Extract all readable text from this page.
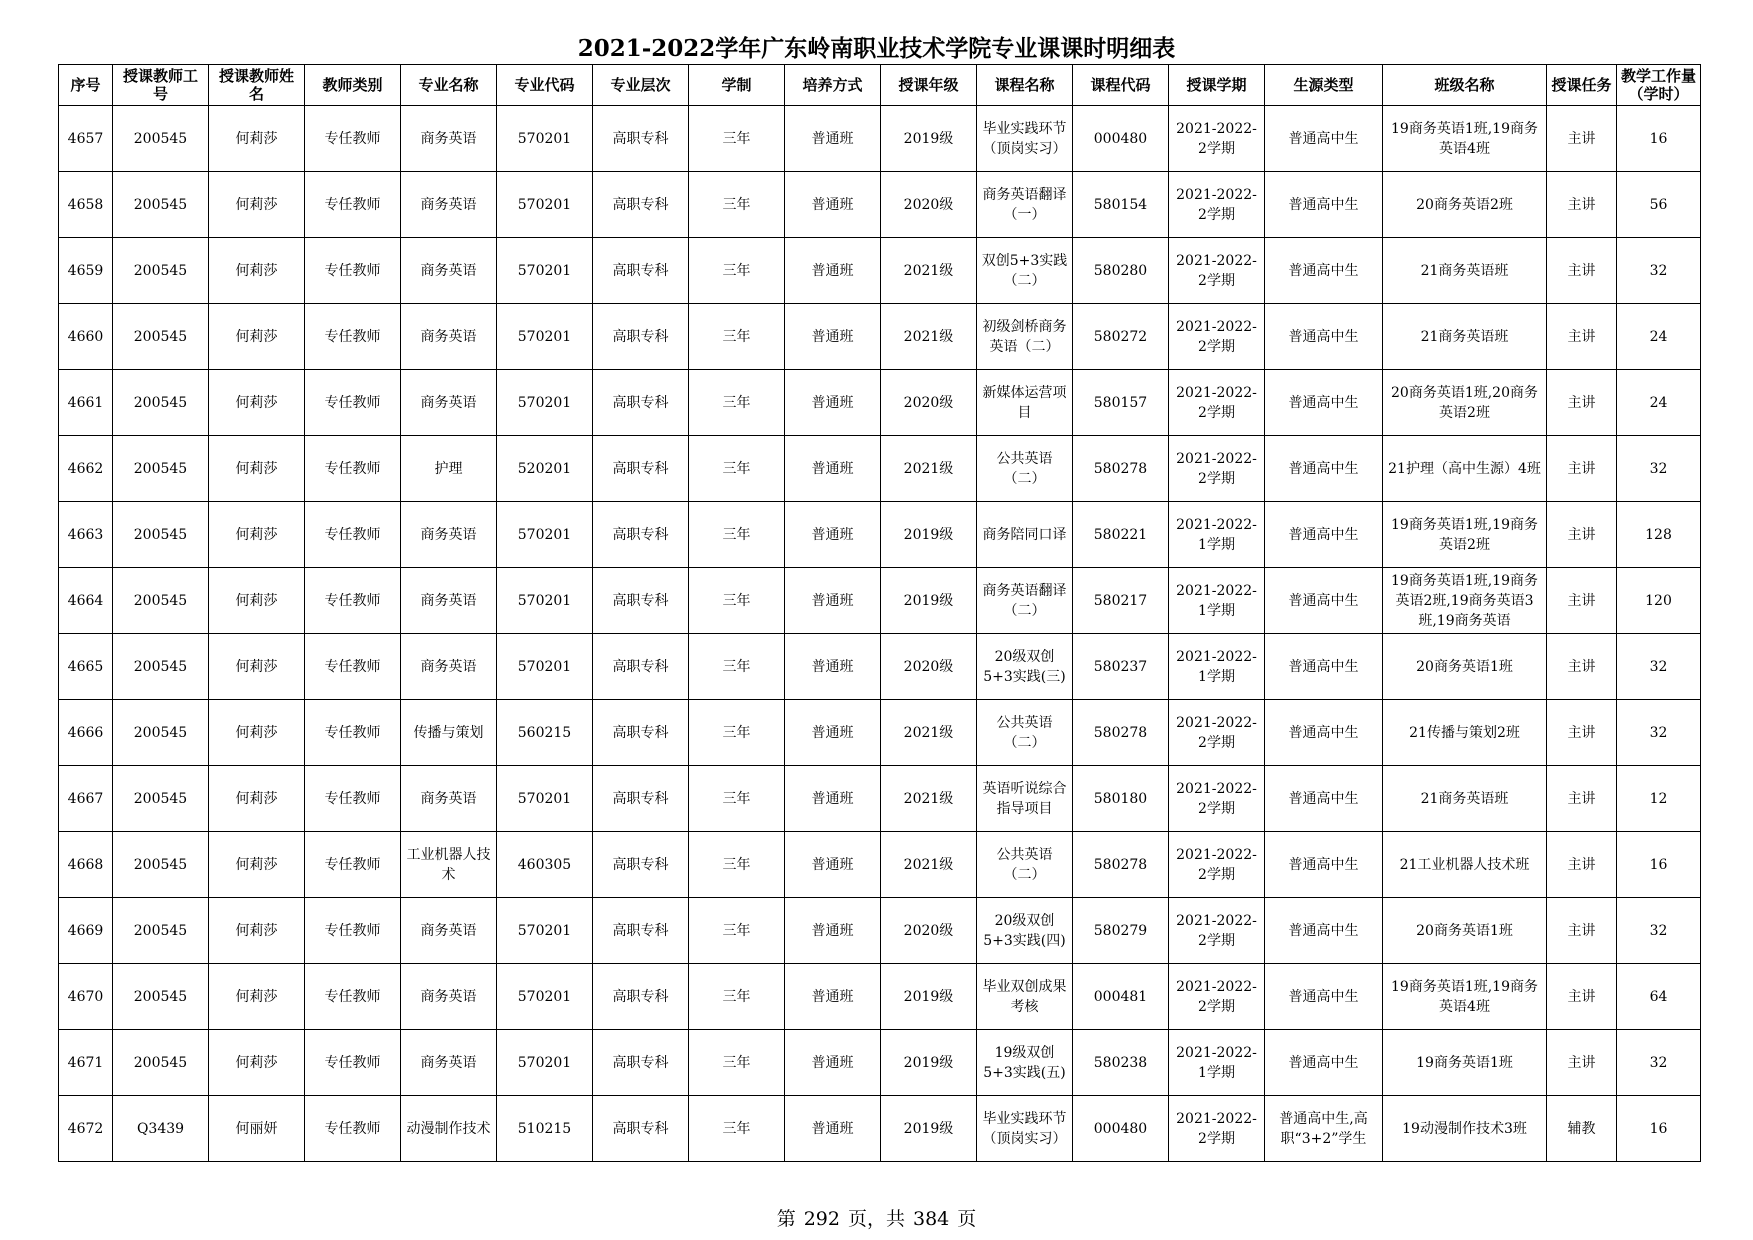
2021-2022学年广东岭南职业技术学院专业课课时明细表
序号	授课教师工号	授课教师姓名	教师类别	专业名称	专业代码	专业层次	学制	培养方式	授课年级	课程名称	课程代码	授课学期	生源类型	班级名称	授课任务	教学工作量（学时）

4657	200545	何莉莎	专任教师	商务英语	570201	高职专科	三年	普通班	2019级	毕业实践环节（顶岗实习）	000480	2021-2022-2学期	普通高中生	19商务英语1班,19商务英语4班	主讲	16

4658	200545	何莉莎	专任教师	商务英语	570201	高职专科	三年	普通班	2020级	商务英语翻译（一）	580154	2021-2022-2学期	普通高中生	20商务英语2班	主讲	56

4659	200545	何莉莎	专任教师	商务英语	570201	高职专科	三年	普通班	2021级	双创5+3实践（二）	580280	2021-2022-2学期	普通高中生	21商务英语班	主讲	32

4660	200545	何莉莎	专任教师	商务英语	570201	高职专科	三年	普通班	2021级	初级剑桥商务英语（二）	580272	2021-2022-2学期	普通高中生	21商务英语班	主讲	24

4661	200545	何莉莎	专任教师	商务英语	570201	高职专科	三年	普通班	2020级	新媒体运营项目	580157	2021-2022-2学期	普通高中生	20商务英语1班,20商务英语2班	主讲	24

4662	200545	何莉莎	专任教师	护理	520201	高职专科	三年	普通班	2021级	公共英语（二）	580278	2021-2022-2学期	普通高中生	21护理（高中生源）4班	主讲	32

4663	200545	何莉莎	专任教师	商务英语	570201	高职专科	三年	普通班	2019级	商务陪同口译	580221	2021-2022-1学期	普通高中生	19商务英语1班,19商务英语2班	主讲	128

4664	200545	何莉莎	专任教师	商务英语	570201	高职专科	三年	普通班	2019级	商务英语翻译（二）	580217	2021-2022-1学期	普通高中生	19商务英语1班,19商务英语2班,19商务英语3班,19商务英语	主讲	120

4665	200545	何莉莎	专任教师	商务英语	570201	高职专科	三年	普通班	2020级	20级双创5+3实践(三)	580237	2021-2022-1学期	普通高中生	20商务英语1班	主讲	32

4666	200545	何莉莎	专任教师	传播与策划	560215	高职专科	三年	普通班	2021级	公共英语（二）	580278	2021-2022-2学期	普通高中生	21传播与策划2班	主讲	32

4667	200545	何莉莎	专任教师	商务英语	570201	高职专科	三年	普通班	2021级	英语听说综合指导项目	580180	2021-2022-2学期	普通高中生	21商务英语班	主讲	12

4668	200545	何莉莎	专任教师	工业机器人技术	460305	高职专科	三年	普通班	2021级	公共英语（二）	580278	2021-2022-2学期	普通高中生	21工业机器人技术班	主讲	16

4669	200545	何莉莎	专任教师	商务英语	570201	高职专科	三年	普通班	2020级	20级双创5+3实践(四)	580279	2021-2022-2学期	普通高中生	20商务英语1班	主讲	32

4670	200545	何莉莎	专任教师	商务英语	570201	高职专科	三年	普通班	2019级	毕业双创成果考核	000481	2021-2022-2学期	普通高中生	19商务英语1班,19商务英语4班	主讲	64

4671	200545	何莉莎	专任教师	商务英语	570201	高职专科	三年	普通班	2019级	19级双创5+3实践(五)	580238	2021-2022-1学期	普通高中生	19商务英语1班	主讲	32

4672	Q3439	何丽妍	专任教师	动漫制作技术	510215	高职专科	三年	普通班	2019级	毕业实践环节（顶岗实习）	000480	2021-2022-2学期	普通高中生,高职“3+2”学生	19动漫制作技术3班	辅教	16
第 292 页，共 384 页
